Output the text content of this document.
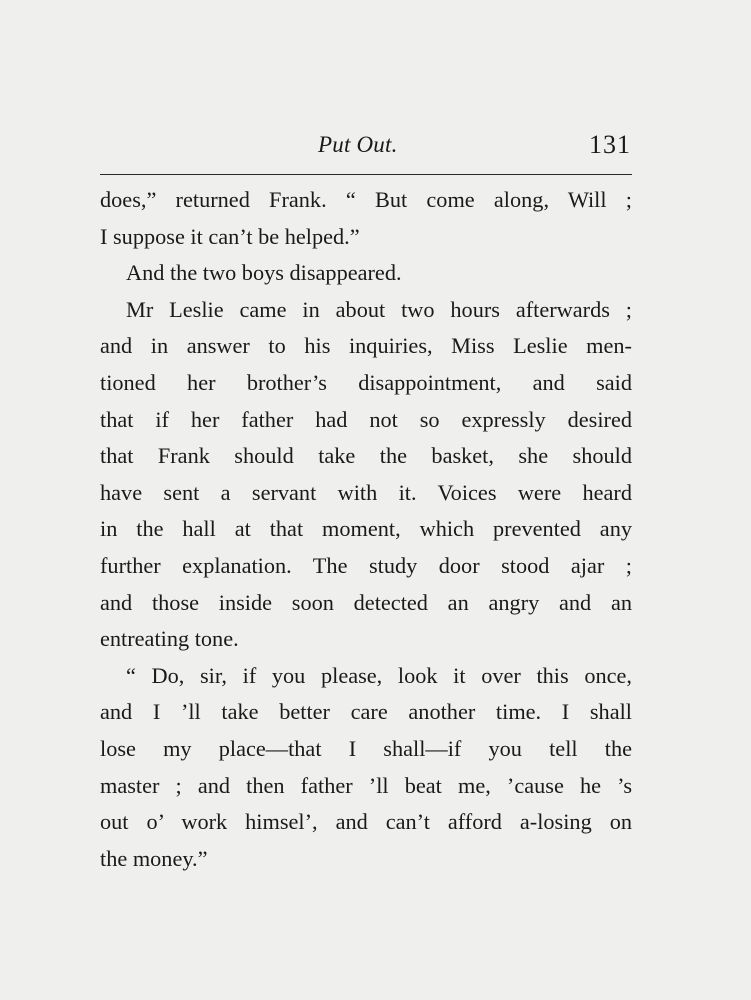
Put Out.	131
does,” returned Frank. “ But come along, Will ;
I suppose it can’t be helped.”
And the two boys disappeared.
Mr Leslie came in about two hours afterwards ;
and in answer to his inquiries, Miss Leslie men-
tioned her brother’s disappointment, and said
that if her father had not so expressly desired
that Frank should take the basket, she should
have sent a servant with it. Voices were heard
in the hall at that moment, which prevented any
further explanation. The study door stood ajar ;
and those inside soon detected an angry and an
entreating tone.
“ Do, sir, if you please, look it over this once,
and I ’ll take better care another time. I shall
lose my place—that I shall—if you tell the
master ; and then father ’ll beat me, ’cause he ’s
out o’ work himsel’, and can’t afford a-losing on
the money.”
